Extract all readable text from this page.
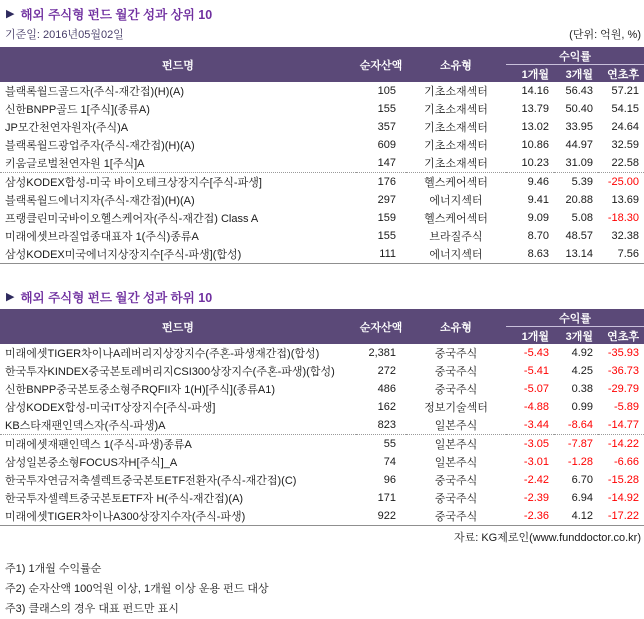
▶ 해외 주식형 펀드 월간 성과 상위 10
기준일: 2016년05월02일	(단위: 억원, %)
펀드명	순자산액	소유형	수익률		
			1개월	3개월	연초후
블랙록월드골드자(주식-재간접)(H)(A)	105	기초소재섹터	14.16	56.43	57.21
신한BNPP골드 1[주식](종류A)	155	기초소재섹터	13.79	50.40	54.15
JP모간천연자원자(주식)A	357	기초소재섹터	13.02	33.95	24.64
블랙록월드광업주자(주식-재간접)(H)(A)	609	기초소재섹터	10.86	44.97	32.59
키움글로벌천연자원 1[주식]A	147	기초소재섹터	10.23	31.09	22.58
삼성KODEX합성-미국 바이오테크상장지수[주식-파생]	176	헬스케어섹터	9.46	5.39	-25.00
블랙록월드에너지자(주식-재간접)(H)(A)	297	에너지섹터	9.41	20.88	13.69
프랭클린미국바이오헬스케어자(주식-재간접) Class A	159	헬스케어섹터	9.09	5.08	-18.30
미래에셋브라질업종대표자 1(주식)종류A	155	브라질주식	8.70	48.57	32.38
삼성KODEX미국에너지상장지수[주식-파생](합성)	111	에너지섹터	8.63	13.14	7.56
▶ 해외 주식형 펀드 월간 성과 하위 10
펀드명	순자산액	소유형	수익률		
			1개월	3개월	연초후
미래에셋TIGER차이나A레버리지상장지수(주혼-파생재간접)(합성)	2,381	중국주식	-5.43	4.92	-35.93
한국투자KINDEX중국본토레버리지CSI300상장지수(주혼-파생)(합성)	272	중국주식	-5.41	4.25	-36.73
신한BNPP중국본토중소형주RQFII자 1(H)[주식](종류A1)	486	중국주식	-5.07	0.38	-29.79
삼성KODEX합성-미국IT상장지수[주식-파생]	162	정보기술섹터	-4.88	0.99	-5.89
KB스타재팬인덱스자(주식-파생)A	823	일본주식	-3.44	-8.64	-14.77
미래에셋재팬인덱스 1(주식-파생)종류A	55	일본주식	-3.05	-7.87	-14.22
삼성일본중소형FOCUS자H[주식]_A	74	일본주식	-3.01	-1.28	-6.66
한국투자연금저축셀렉트중국본토ETF전환자(주식-재간접)(C)	96	중국주식	-2.42	6.70	-15.28
한국투자셀렉트중국본토ETF자 H(주식-재간접)(A)	171	중국주식	-2.39	6.94	-14.92
미래에셋TIGER차이나A300상장지수자(주식-파생)	922	중국주식	-2.36	4.12	-17.22
자료: KG제로인(www.funddoctor.co.kr)
주1) 1개월 수익률순
주2) 순자산액 100억원 이상, 1개월 이상 운용 펀드 대상
주3) 클래스의 경우 대표 펀드만 표시
